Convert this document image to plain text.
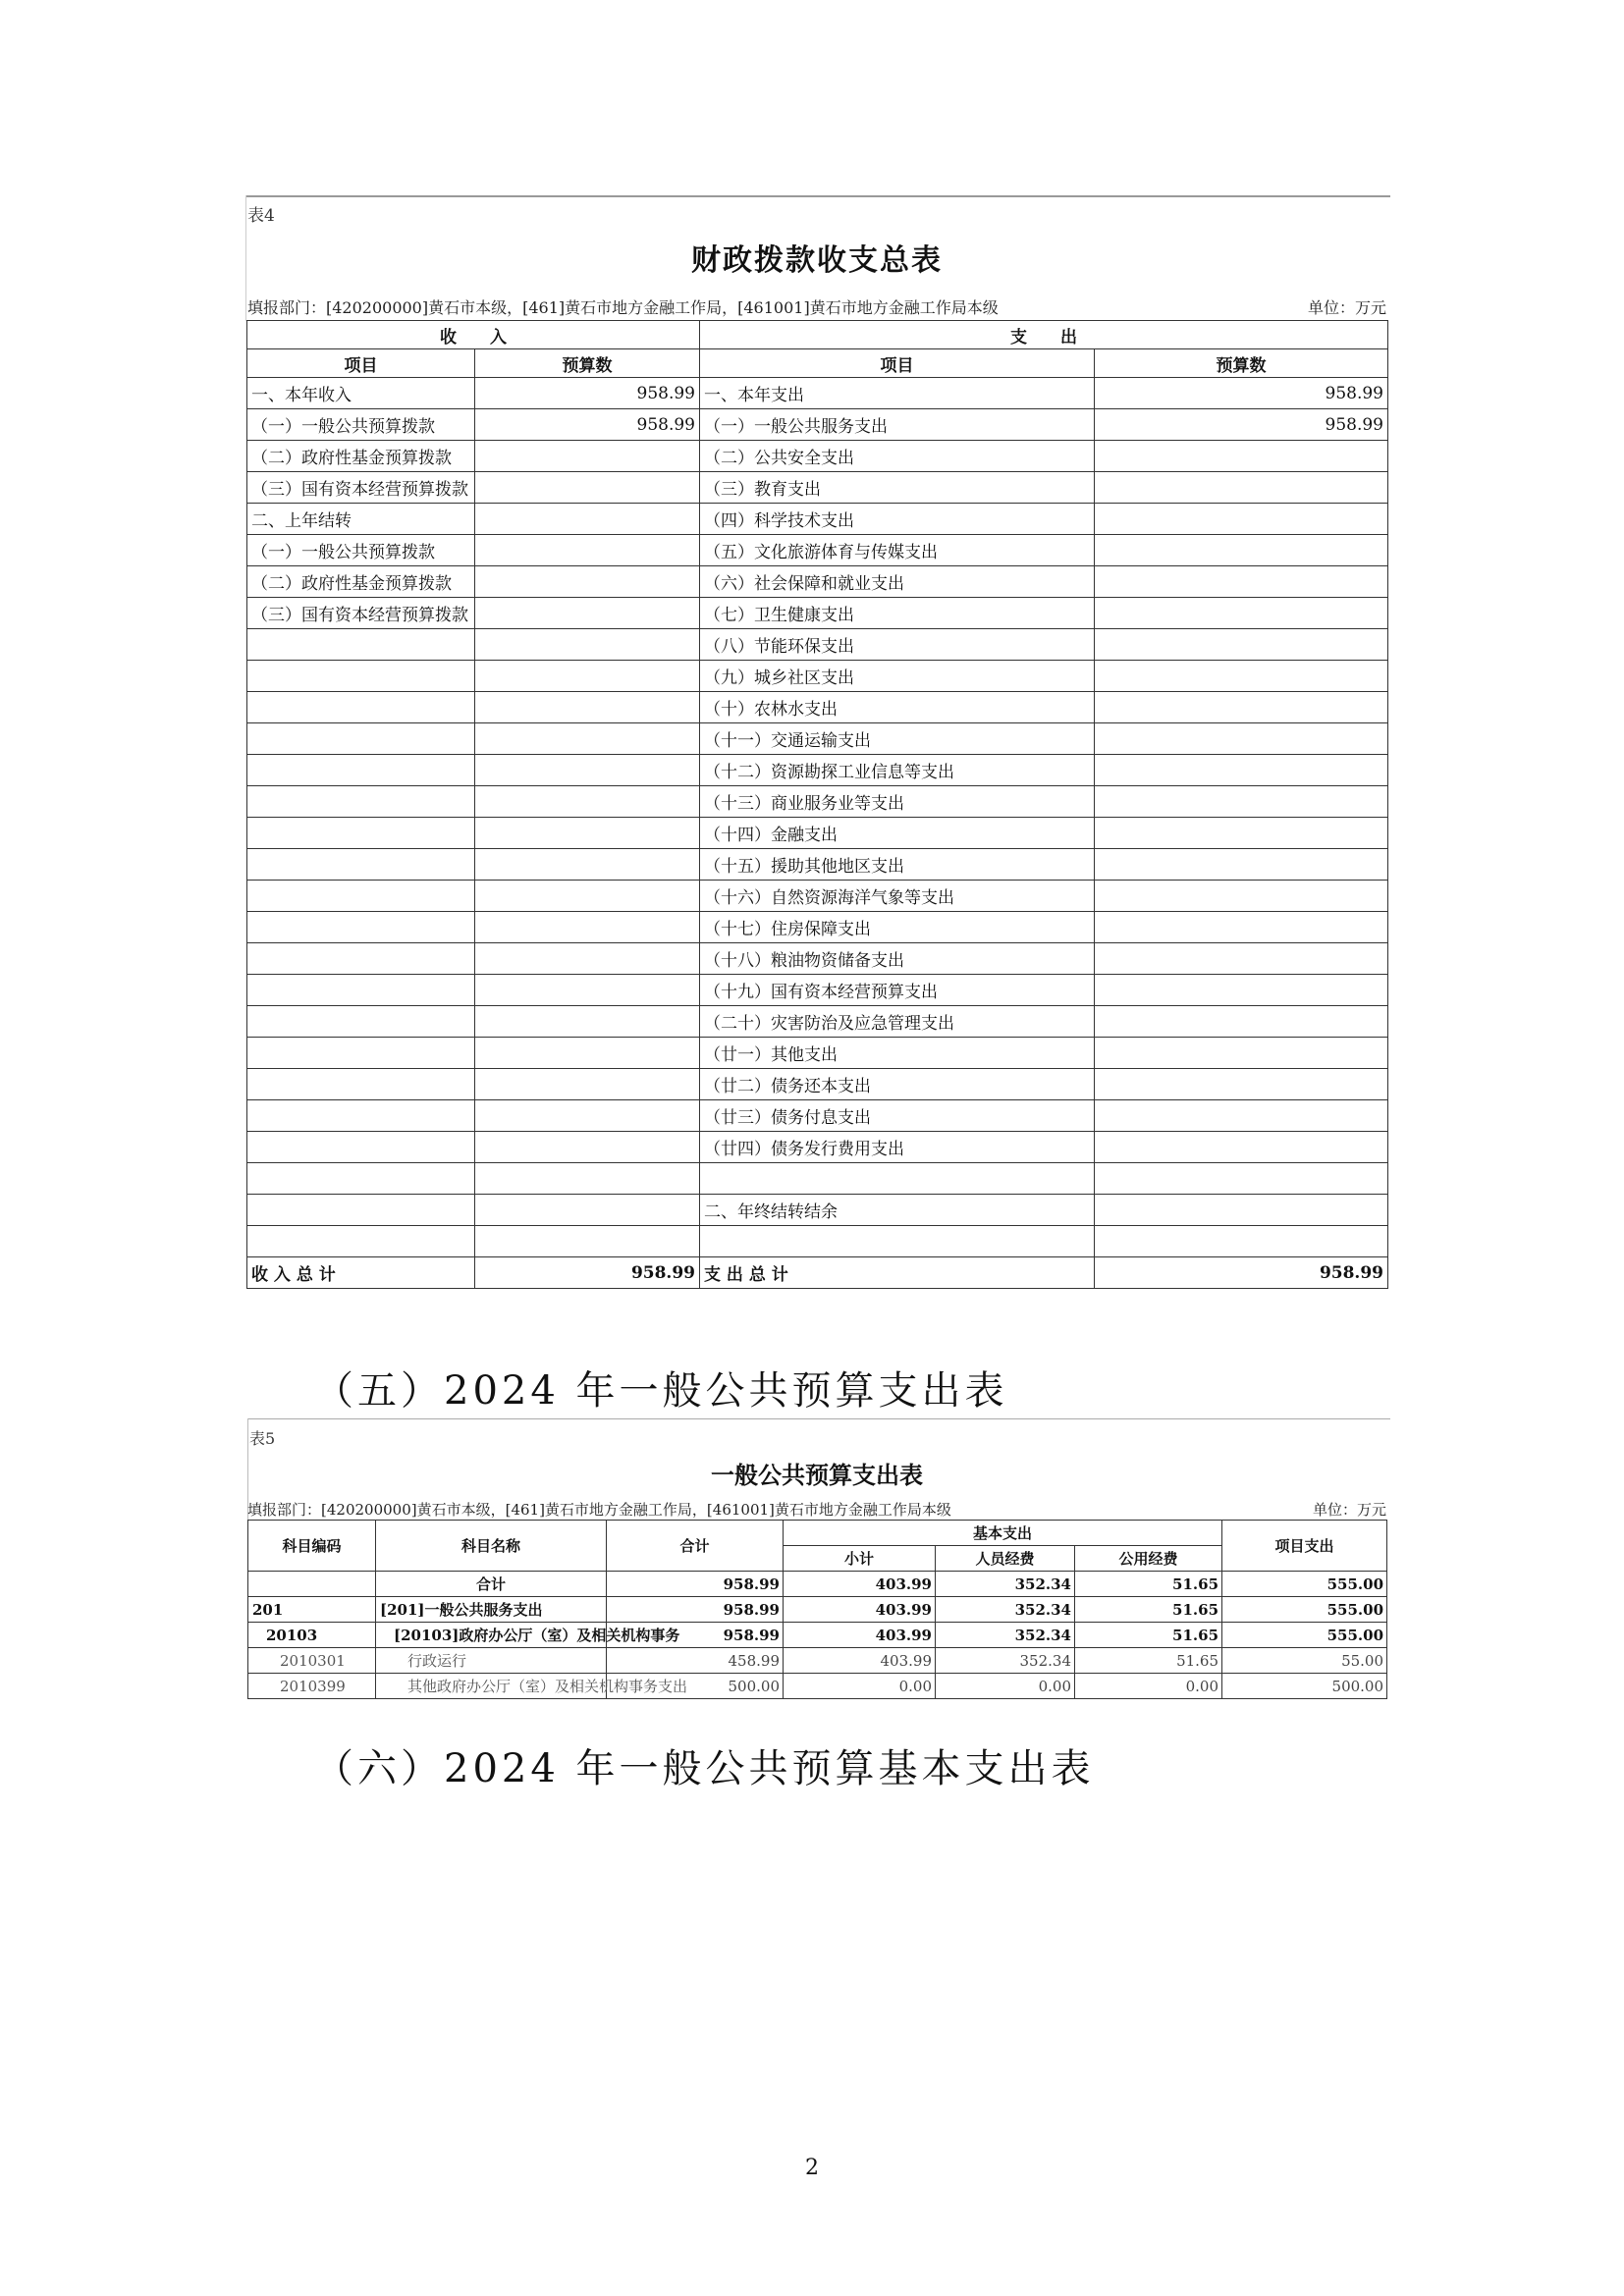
表4
财政拨款收支总表
填报部门：[420200000]黄石市本级，[461]黄石市地方金融工作局，[461001]黄石市地方金融工作局本级	单位：万元
收　　入		支　　出	
项目	预算数	项目	预算数
一、本年收入	958.99	一、本年支出	958.99
（一）一般公共预算拨款	958.99	（一）一般公共服务支出	958.99
（二）政府性基金预算拨款		（二）公共安全支出	
（三）国有资本经营预算拨款		（三）教育支出	
二、上年结转		（四）科学技术支出	
（一）一般公共预算拨款		（五）文化旅游体育与传媒支出	
（二）政府性基金预算拨款		（六）社会保障和就业支出	
（三）国有资本经营预算拨款		（七）卫生健康支出	
		（八）节能环保支出	
		（九）城乡社区支出	
		（十）农林水支出	
		（十一）交通运输支出	
		（十二）资源勘探工业信息等支出	
		（十三）商业服务业等支出	
		（十四）金融支出	
		（十五）援助其他地区支出	
		（十六）自然资源海洋气象等支出	
		（十七）住房保障支出	
		（十八）粮油物资储备支出	
		（十九）国有资本经营预算支出	
		（二十）灾害防治及应急管理支出	
		（廿一）其他支出	
		（廿二）债务还本支出	
		（廿三）债务付息支出	
		（廿四）债务发行费用支出	

		二、年终结转结余	

收 入 总 计	958.99	支 出 总 计	958.99
（五）2024 年一般公共预算支出表
表5
一般公共预算支出表
填报部门：[420200000]黄石市本级，[461]黄石市地方金融工作局，[461001]黄石市地方金融工作局本级	单位：万元
科目编码	科目名称	合计	基本支出			项目支出
			小计	人员经费	公用经费	
	合计	958.99	403.99	352.34	51.65	555.00
201	[201]一般公共服务支出	958.99	403.99	352.34	51.65	555.00
20103	[20103]政府办公厅（室）及相关机构事务	958.99	403.99	352.34	51.65	555.00
2010301	行政运行	458.99	403.99	352.34	51.65	55.00
2010399	其他政府办公厅（室）及相关机构事务支出	500.00	0.00	0.00	0.00	500.00
（六）2024 年一般公共预算基本支出表
2
